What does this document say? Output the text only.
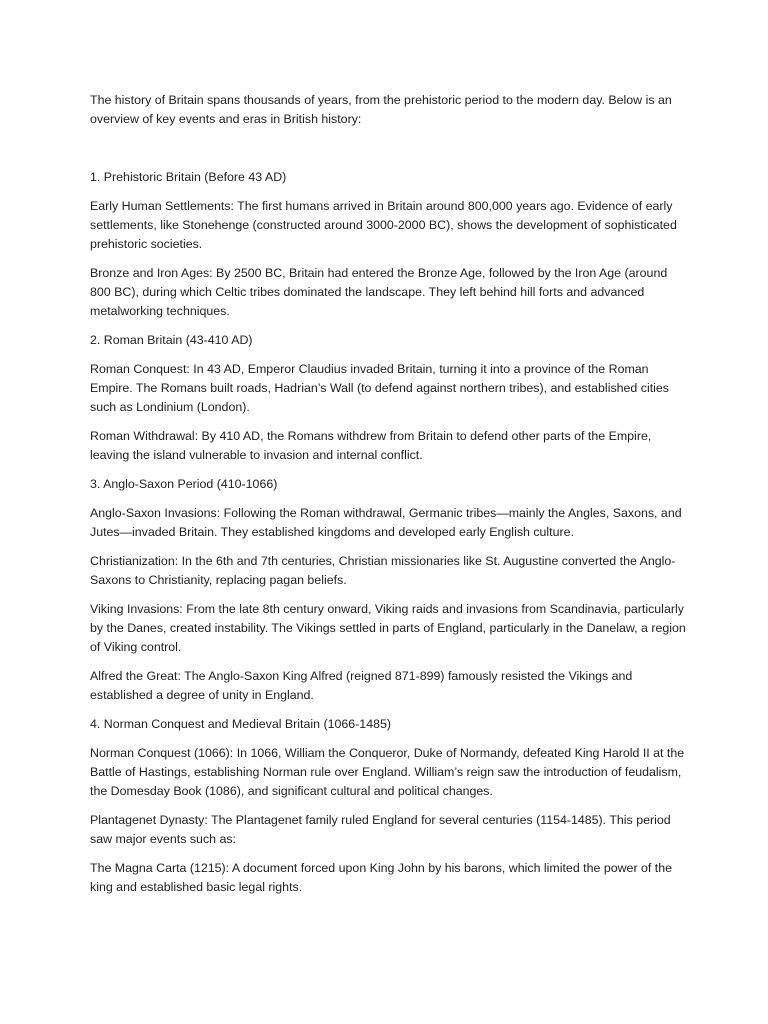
The history of Britain spans thousands of years, from the prehistoric period to the modern day. Below is an overview of key events and eras in British history:

1. Prehistoric Britain (Before 43 AD)

Early Human Settlements: The first humans arrived in Britain around 800,000 years ago. Evidence of early settlements, like Stonehenge (constructed around 3000-2000 BC), shows the development of sophisticated prehistoric societies.

Bronze and Iron Ages: By 2500 BC, Britain had entered the Bronze Age, followed by the Iron Age (around 800 BC), during which Celtic tribes dominated the landscape. They left behind hill forts and advanced metalworking techniques.

2. Roman Britain (43-410 AD)

Roman Conquest: In 43 AD, Emperor Claudius invaded Britain, turning it into a province of the Roman Empire. The Romans built roads, Hadrian’s Wall (to defend against northern tribes), and established cities such as Londinium (London).

Roman Withdrawal: By 410 AD, the Romans withdrew from Britain to defend other parts of the Empire, leaving the island vulnerable to invasion and internal conflict.

3. Anglo-Saxon Period (410-1066)

Anglo-Saxon Invasions: Following the Roman withdrawal, Germanic tribes—mainly the Angles, Saxons, and Jutes—invaded Britain. They established kingdoms and developed early English culture.

Christianization: In the 6th and 7th centuries, Christian missionaries like St. Augustine converted the Anglo-Saxons to Christianity, replacing pagan beliefs.

Viking Invasions: From the late 8th century onward, Viking raids and invasions from Scandinavia, particularly by the Danes, created instability. The Vikings settled in parts of England, particularly in the Danelaw, a region of Viking control.

Alfred the Great: The Anglo-Saxon King Alfred (reigned 871-899) famously resisted the Vikings and established a degree of unity in England.

4. Norman Conquest and Medieval Britain (1066-1485)

Norman Conquest (1066): In 1066, William the Conqueror, Duke of Normandy, defeated King Harold II at the Battle of Hastings, establishing Norman rule over England. William’s reign saw the introduction of feudalism, the Domesday Book (1086), and significant cultural and political changes.

Plantagenet Dynasty: The Plantagenet family ruled England for several centuries (1154-1485). This period saw major events such as:

The Magna Carta (1215): A document forced upon King John by his barons, which limited the power of the king and established basic legal rights.
